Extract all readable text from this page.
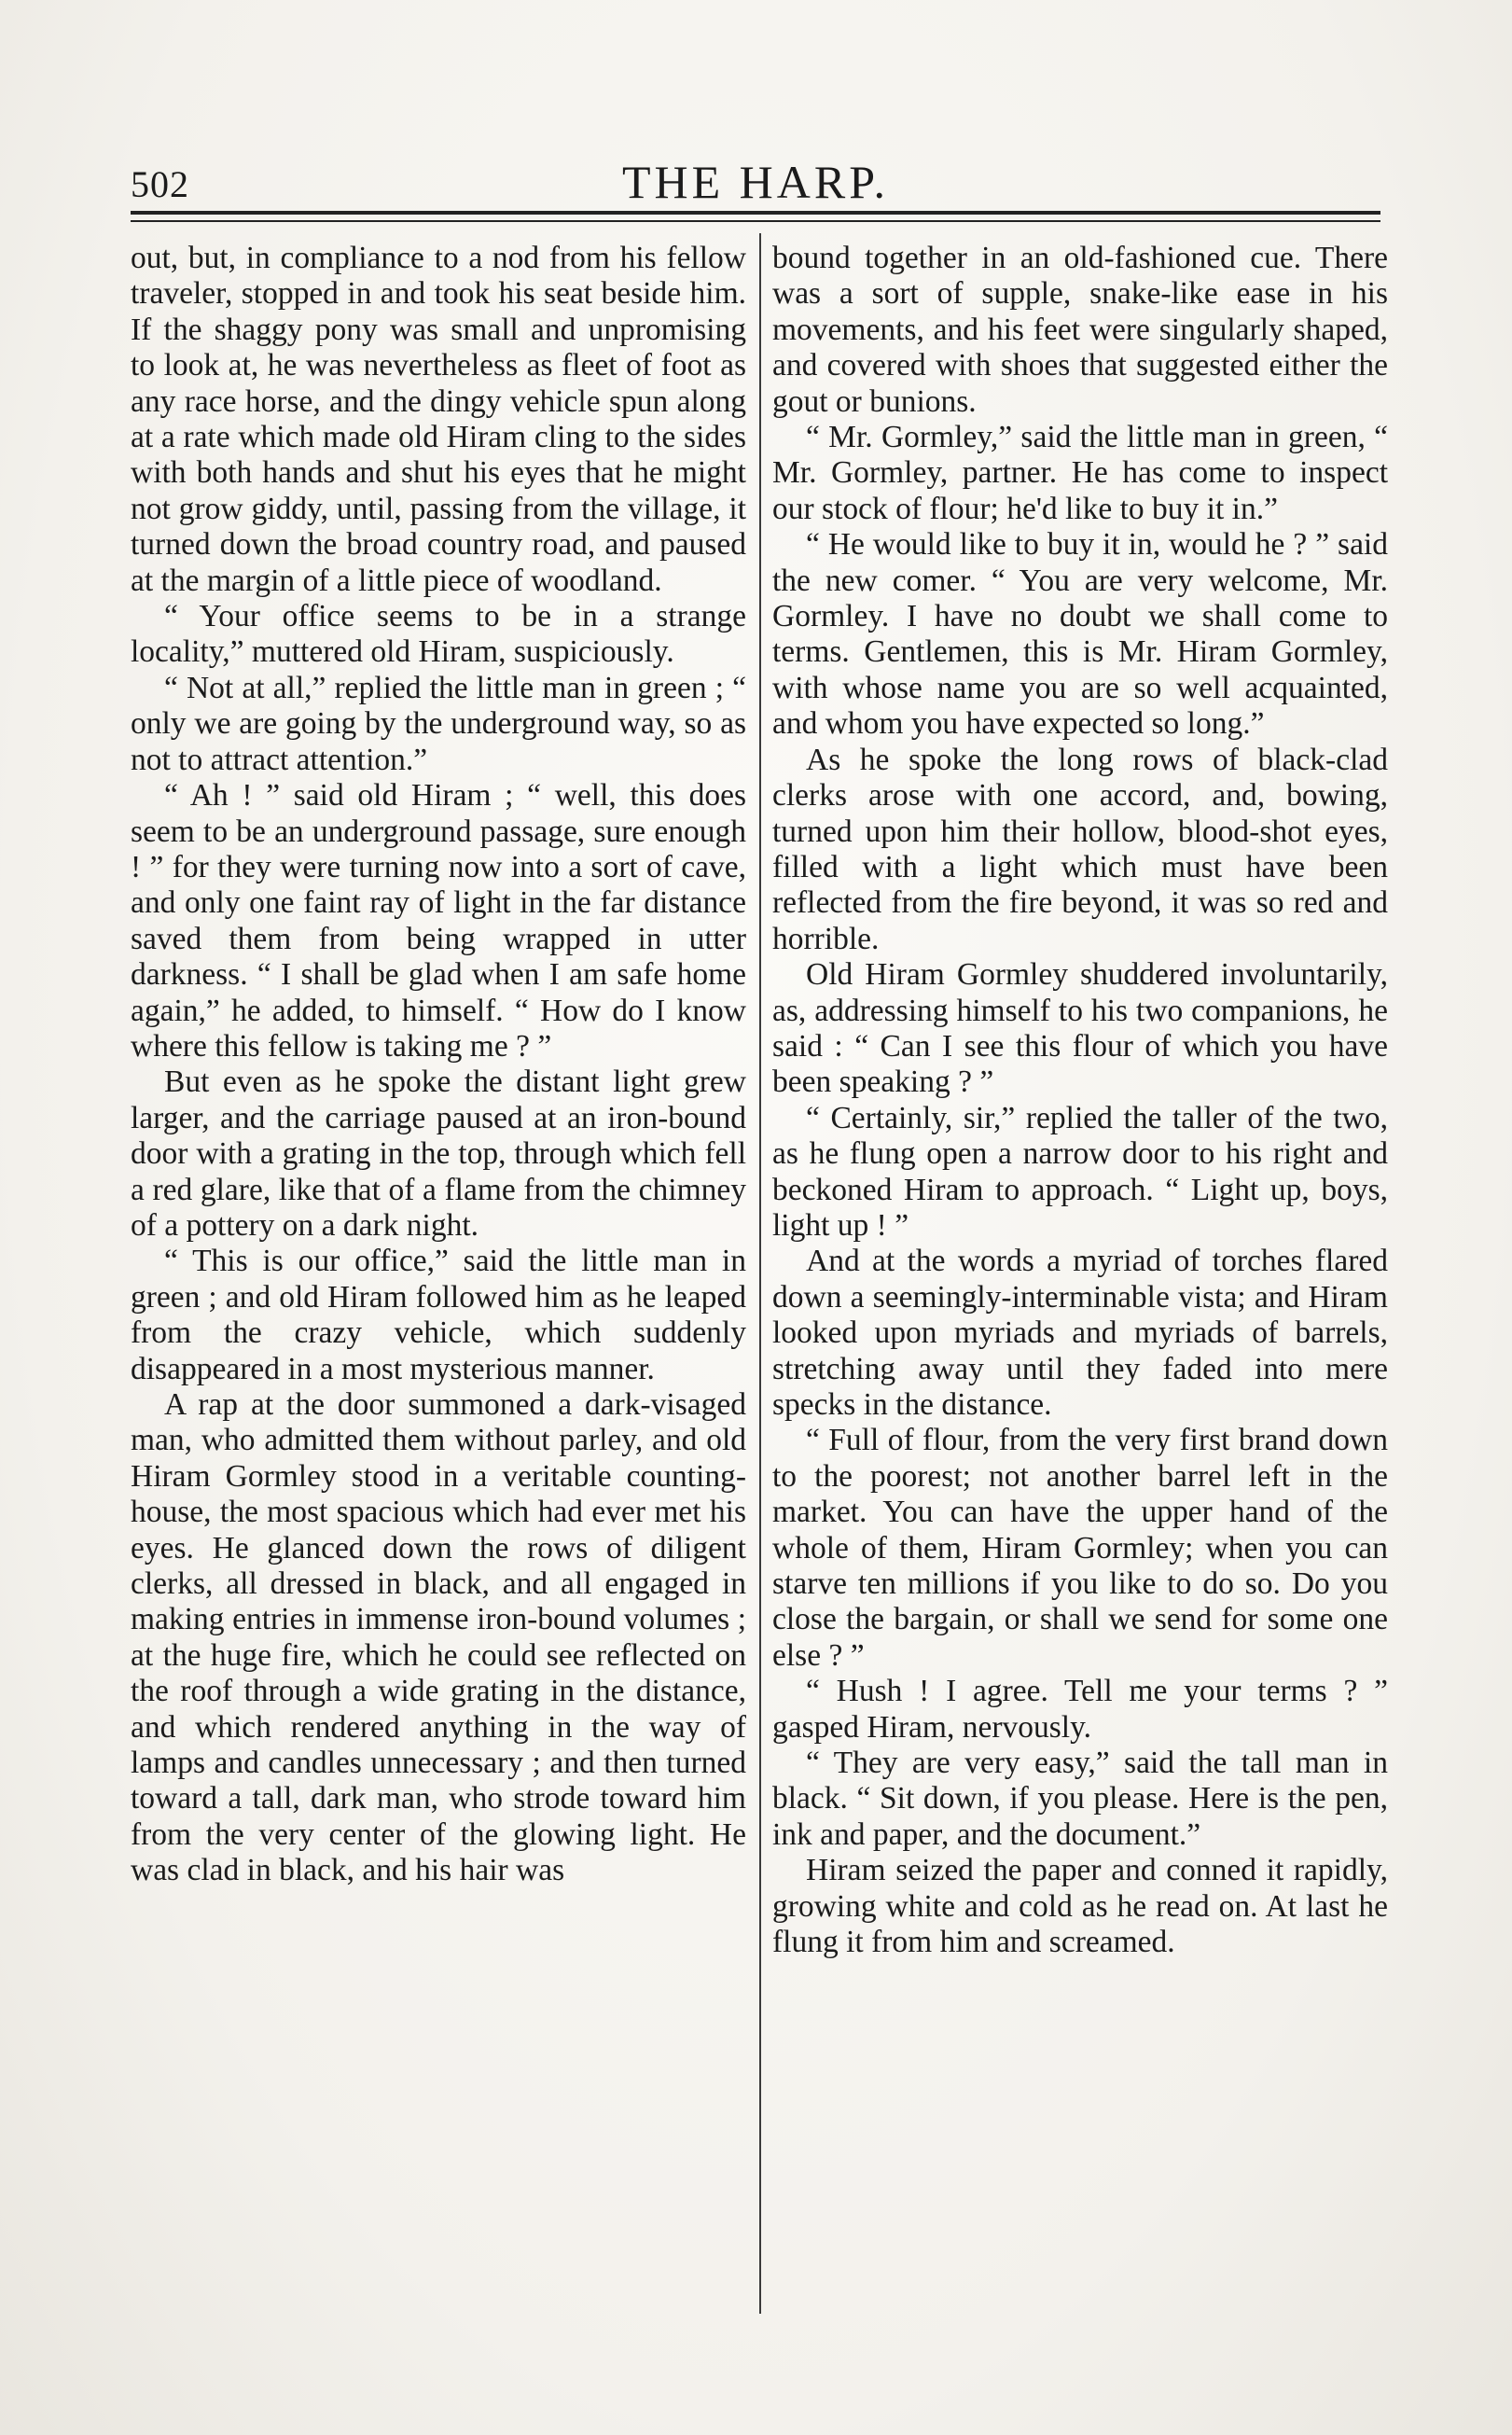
502	THE HARP.

out, but, in compliance to a nod from his fellow traveler, stopped in and took his seat beside him. If the shaggy pony was small and unpromising to look at, he was nevertheless as fleet of foot as any race horse, and the dingy vehicle spun along at a rate which made old Hiram cling to the sides with both hands and shut his eyes that he might not grow giddy, until, passing from the village, it turned down the broad country road, and paused at the margin of a little piece of woodland.

“ Your office seems to be in a strange locality,” muttered old Hiram, suspiciously.

“ Not at all,” replied the little man in green ; “ only we are going by the underground way, so as not to attract attention.”

“ Ah ! ” said old Hiram ; “ well, this does seem to be an underground passage, sure enough ! ” for they were turning now into a sort of cave, and only one faint ray of light in the far distance saved them from being wrapped in utter darkness. “ I shall be glad when I am safe home again,” he added, to himself. “ How do I know where this fellow is taking me ? ”

But even as he spoke the distant light grew larger, and the carriage paused at an iron-bound door with a grating in the top, through which fell a red glare, like that of a flame from the chimney of a pottery on a dark night.

“ This is our office,” said the little man in green ; and old Hiram followed him as he leaped from the crazy vehicle, which suddenly disappeared in a most mysterious manner.

A rap at the door summoned a dark-visaged man, who admitted them without parley, and old Hiram Gormley stood in a veritable counting-house, the most spacious which had ever met his eyes. He glanced down the rows of diligent clerks, all dressed in black, and all engaged in making entries in immense iron-bound volumes ; at the huge fire, which he could see reflected on the roof through a wide grating in the distance, and which rendered anything in the way of lamps and candles unnecessary ; and then turned toward a tall, dark man, who strode toward him from the very center of the glowing light. He was clad in black, and his hair was

bound together in an old-fashioned cue. There was a sort of supple, snake-like ease in his movements, and his feet were singularly shaped, and covered with shoes that suggested either the gout or bunions.

“ Mr. Gormley,” said the little man in green, “ Mr. Gormley, partner. He has come to inspect our stock of flour; he'd like to buy it in.”

“ He would like to buy it in, would he ? ” said the new comer. “ You are very welcome, Mr. Gormley. I have no doubt we shall come to terms. Gentlemen, this is Mr. Hiram Gormley, with whose name you are so well acquainted, and whom you have expected so long.”

As he spoke the long rows of black-clad clerks arose with one accord, and, bowing, turned upon him their hollow, blood-shot eyes, filled with a light which must have been reflected from the fire beyond, it was so red and horrible.

Old Hiram Gormley shuddered involuntarily, as, addressing himself to his two companions, he said : “ Can I see this flour of which you have been speaking ? ”

“ Certainly, sir,” replied the taller of the two, as he flung open a narrow door to his right and beckoned Hiram to approach. “ Light up, boys, light up ! ”

And at the words a myriad of torches flared down a seemingly-interminable vista; and Hiram looked upon myriads and myriads of barrels, stretching away until they faded into mere specks in the distance.

“ Full of flour, from the very first brand down to the poorest; not another barrel left in the market. You can have the upper hand of the whole of them, Hiram Gormley; when you can starve ten millions if you like to do so. Do you close the bargain, or shall we send for some one else ? ”

“ Hush ! I agree. Tell me your terms ? ” gasped Hiram, nervously.

“ They are very easy,” said the tall man in black. “ Sit down, if you please. Here is the pen, ink and paper, and the document.”

Hiram seized the paper and conned it rapidly, growing white and cold as he read on. At last he flung it from him and screamed.
